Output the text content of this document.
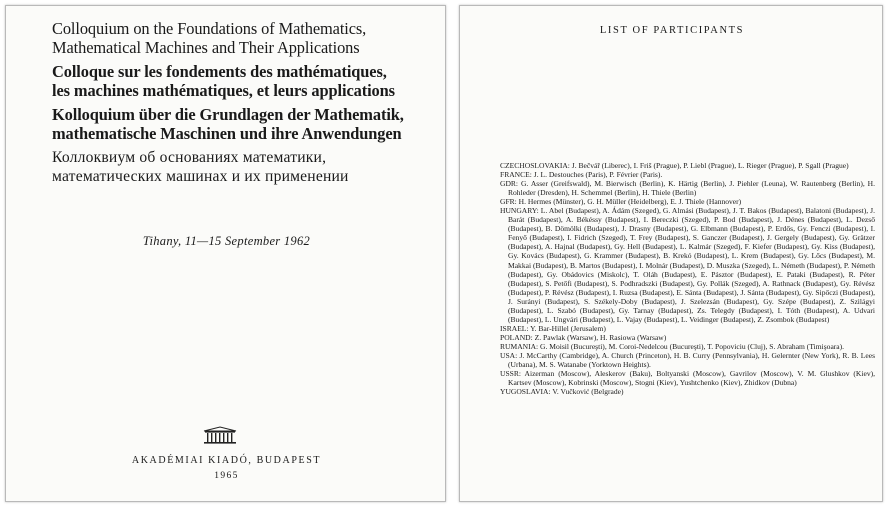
Colloquium on the Foundations of Mathematics,
Mathematical Machines and Their Applications
Colloque sur les fondements des mathématiques,
les machines mathématiques, et leurs applications
Kolloquium über die Grundlagen der Mathematik,
mathematische Maschinen und ihre Anwendungen
Коллоквиум об основаниях математики,
математических машинах и их применении
Tihany, 11—15 September 1962
AKADÉMIAI KIADÓ, BUDAPEST
1965
LIST OF PARTICIPANTS
CZECHOSLOVAKIA: J. Bečvář (Liberec), I. Friš (Prague), P. Liebl (Prague), L. Rieger (Prague), P. Sgall (Prague)
FRANCE: J. L. Destouches (Paris), P. Février (Paris).
GDR: G. Asser (Greifswald), M. Bierwisch (Berlin), K. Härtig (Berlin), J. Piehler (Leuna), W. Rautenberg (Berlin), H. Rohleder (Dresden), H. Schemmel (Berlin), H. Thiele (Berlin)
GFR: H. Hermes (Münster), G. H. Müller (Heidelberg), E. J. Thiele (Hannover)
HUNGARY: L. Abel (Budapest), A. Ádám (Szeged), G. Almási (Budapest), J. T. Bakos (Budapest), Balatoni (Budapest), J. Barát (Budapest), A. Békéssy (Budapest), I. Bereczki (Szeged), P. Bod (Budapest), J. Dénes (Budapest), L. Dezső (Budapest), B. Dömölki (Budapest), J. Drasny (Budapest), G. Elbmann (Budapest), P. Erdős, Gy. Fenczi (Budapest), I. Fenyő (Budapest), I. Fidrich (Szeged), T. Frey (Budapest), S. Ganczer (Budapest), J. Gergely (Budapest), Gy. Grätzer (Budapest), A. Hajnal (Budapest), Gy. Hell (Budapest), L. Kalmár (Szeged), F. Kiefer (Budapest), Gy. Kiss (Budapest), Gy. Kovács (Budapest), G. Krammer (Budapest), B. Krekó (Budapest), L. Krem (Budapest), Gy. Lőcs (Budapest), M. Makkai (Budapest), B. Martos (Budapest), I. Molnár (Budapest), D. Muszka (Szeged), L. Németh (Budapest), P. Németh (Budapest), Gy. Obádovics (Miskolc), T. Oláh (Budapest), E. Pásztor (Budapest), E. Pataki (Budapest), R. Péter (Budapest), S. Petőfi (Budapest), S. Podhradszki (Budapest), Gy. Pollák (Szeged), A. Rathnack (Budapest), Gy. Révész (Budapest), P. Révész (Budapest), I. Ruzsa (Budapest), E. Sánta (Budapest), J. Sánta (Budapest), Gy. Sipőczi (Budapest), J. Surányi (Budapest), S. Székely-Doby (Budapest), J. Szelezsán (Budapest), Gy. Szépe (Budapest), Z. Szilágyi (Budapest), L. Szabó (Budapest), Gy. Tarnay (Budapest), Zs. Telegdy (Budapest), I. Tóth (Budapest), A. Udvari (Budapest), L. Ungvári (Budapest), L. Vajay (Budapest), L. Veidinger (Budapest), Z. Zsombok (Budapest)
ISRAEL: Y. Bar-Hillel (Jerusalem)
POLAND: Z. Pawlak (Warsaw), H. Rasiowa (Warsaw)
RUMANIA: G. Moisil (Bucureşti), M. Coroi-Nedelcou (Bucureşti), T. Popoviciu (Cluj), S. Abraham (Timişoara).
USA: J. McCarthy (Cambridge), A. Church (Princeton), H. B. Curry (Pennsylvania), H. Gelernter (New York), R. B. Lees (Urbana), M. S. Watanabe (Yorktown Heights).
USSR: Aizerman (Moscow), Aleskerov (Baku), Boltyanski (Moscow), Gavrilov (Moscow), V. M. Glushkov (Kiev), Kartsev (Moscow), Kobrinski (Moscow), Stogni (Kiev), Yushtchenko (Kiev), Zhidkov (Dubna)
YUGOSLAVIA: V. Vučković (Belgrade)
